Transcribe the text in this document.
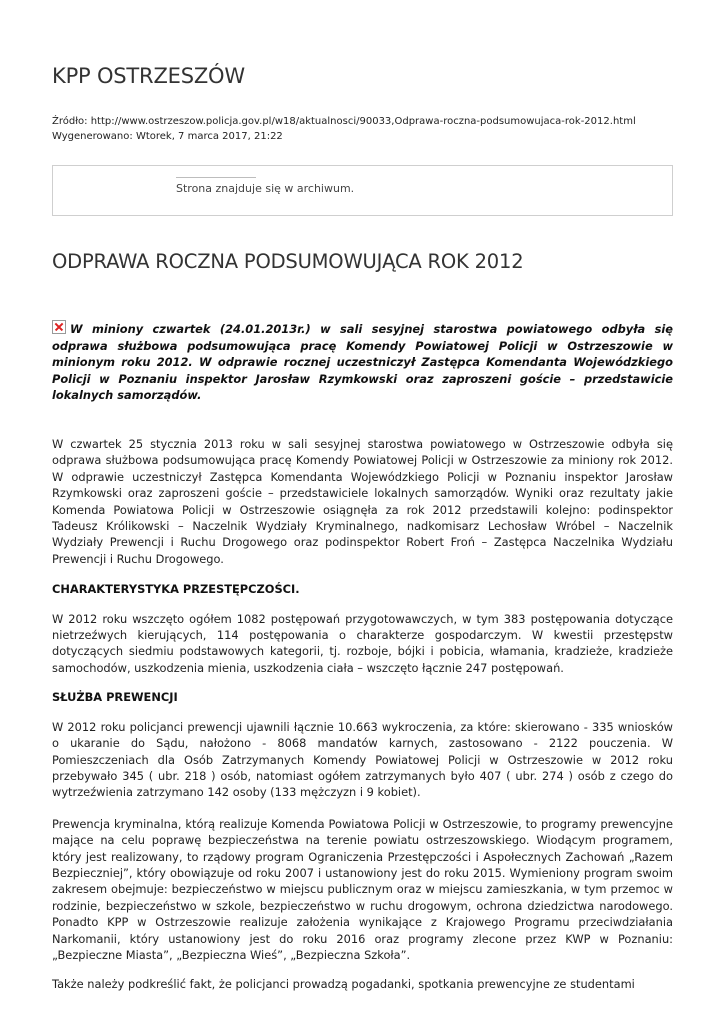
KPP OSTRZESZÓW
Źródło: http://www.ostrzeszow.policja.gov.pl/w18/aktualnosci/90033,Odprawa-roczna-podsumowujaca-rok-2012.html
Wygenerowano: Wtorek, 7 marca 2017, 21:22
Strona znajduje się w archiwum.
ODPRAWA ROCZNA PODSUMOWUJĄCA ROK 2012
W miniony czwartek (24.01.2013r.) w sali sesyjnej starostwa powiatowego odbyła się odprawa służbowa podsumowująca pracę Komendy Powiatowej Policji w Ostrzeszowie w minionym roku 2012. W odprawie rocznej uczestniczył Zastępca Komendanta Wojewódzkiego Policji w Poznaniu inspektor Jarosław Rzymkowski oraz zaproszeni goście – przedstawicie lokalnych samorządów.

W czwartek 25 stycznia 2013 roku w sali sesyjnej starostwa powiatowego w Ostrzeszowie odbyła się odprawa służbowa podsumowująca pracę Komendy Powiatowej Policji w Ostrzeszowie za miniony rok 2012. W odprawie uczestniczył Zastępca Komendanta Wojewódzkiego Policji w Poznaniu inspektor Jarosław Rzymkowski oraz zaproszeni goście – przedstawiciele lokalnych samorządów. Wyniki oraz rezultaty jakie Komenda Powiatowa Policji w Ostrzeszowie osiągnęła za rok 2012 przedstawili kolejno: podinspektor Tadeusz Królikowski – Naczelnik Wydziały Kryminalnego, nadkomisarz Lechosław Wróbel – Naczelnik Wydziały Prewencji i Ruchu Drogowego oraz podinspektor Robert Froń – Zastępca Naczelnika Wydziału Prewencji i Ruchu Drogowego.

CHARAKTERYSTYKA PRZESTĘPCZOŚCI.

W 2012 roku wszczęto ogółem 1082 postępowań przygotowawczych, w tym 383 postępowania dotyczące nietrzeźwych kierujących, 114 postępowania o charakterze gospodarczym. W kwestii przestępstw dotyczących siedmiu podstawowych kategorii, tj. rozboje, bójki i pobicia, włamania, kradzieże, kradzieże samochodów, uszkodzenia mienia, uszkodzenia ciała – wszczęto łącznie 247 postępowań.

SŁUŻBA PREWENCJI

W 2012 roku policjanci prewencji ujawnili łącznie 10.663 wykroczenia, za które: skierowano - 335 wniosków o ukaranie do Sądu, nałożono - 8068 mandatów karnych, zastosowano - 2122 pouczenia. W Pomieszczeniach dla Osób Zatrzymanych Komendy Powiatowej Policji w Ostrzeszowie w 2012 roku przebywało 345 ( ubr. 218 ) osób, natomiast ogółem zatrzymanych było 407 ( ubr. 274 ) osób z czego do wytrzeźwienia zatrzymano 142 osoby (133 mężczyzn i 9 kobiet).

Prewencja kryminalna, którą realizuje Komenda Powiatowa Policji w Ostrzeszowie, to programy prewencyjne mające na celu poprawę bezpieczeństwa na terenie powiatu ostrzeszowskiego. Wiodącym programem, który jest realizowany, to rządowy program Ograniczenia Przestępczości i Aspołecznych Zachowań „Razem Bezpieczniej”, który obowiązuje od roku 2007 i ustanowiony jest do roku 2015. Wymieniony program swoim zakresem obejmuje: bezpieczeństwo w miejscu publicznym oraz w miejscu zamieszkania, w tym przemoc w rodzinie, bezpieczeństwo w szkole, bezpieczeństwo w ruchu drogowym, ochrona dziedzictwa narodowego. Ponadto KPP w Ostrzeszowie realizuje założenia wynikające z Krajowego Programu przeciwdziałania Narkomanii, który ustanowiony jest do roku 2016 oraz programy zlecone przez KWP w Poznaniu: „Bezpieczne Miasta”, „Bezpieczna Wieś”, „Bezpieczna Szkoła”.

Także należy podkreślić fakt, że policjanci prowadzą pogadanki, spotkania prewencyjne ze studentami
